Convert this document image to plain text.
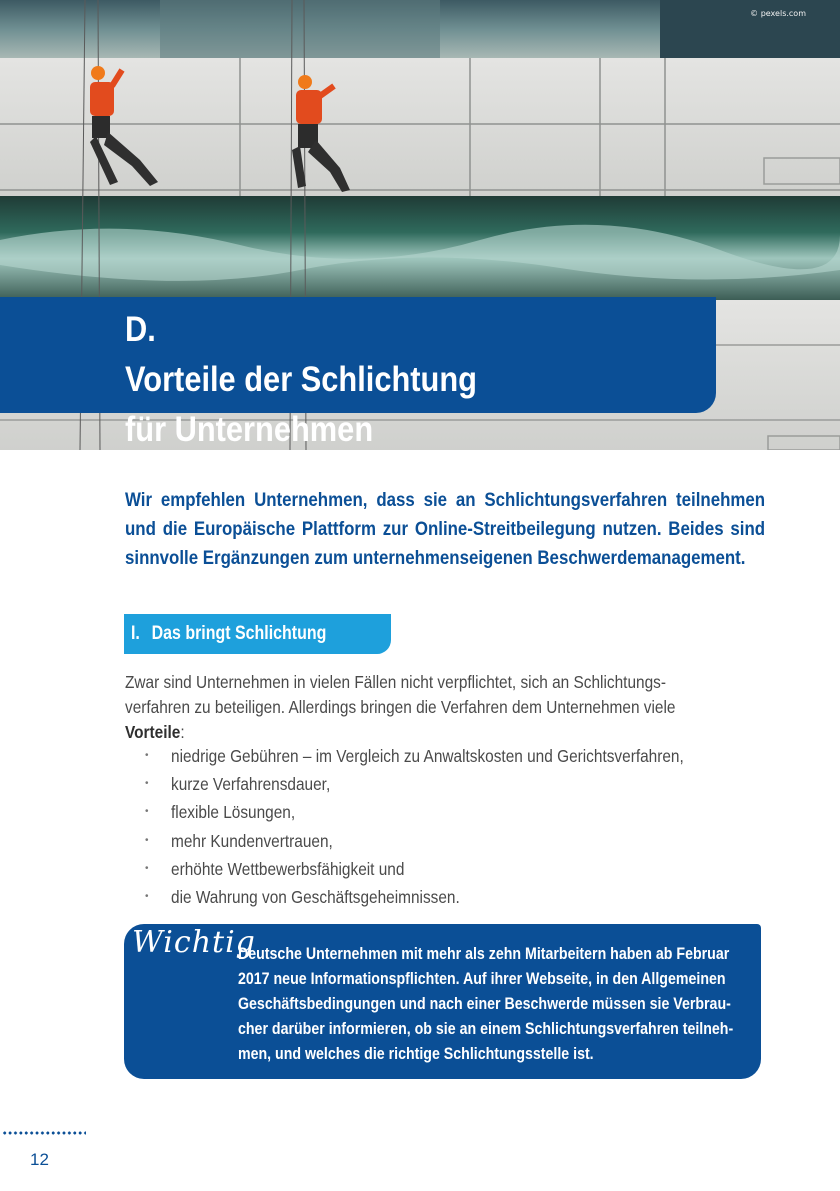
© pexels.com
D.
Vorteile der Schlichtung
für Unternehmen

Wir empfehlen Unternehmen, dass sie an Schlichtungsverfahren teilnehmen und die Europäische Plattform zur Online-Streitbeilegung nutzen. Beides sind sinnvolle Ergänzungen zum unternehmenseigenen Beschwerdemanagement.

I. Das bringt Schlichtung
Zwar sind Unternehmen in vielen Fällen nicht verpflichtet, sich an Schlichtungs-
verfahren zu beteiligen. Allerdings bringen die Verfahren dem Unternehmen viele
Vorteile:
• niedrige Gebühren – im Vergleich zu Anwaltskosten und Gerichtsverfahren,
• kurze Verfahrensdauer,
• flexible Lösungen,
• mehr Kundenvertrauen,
• erhöhte Wettbewerbsfähigkeit und
• die Wahrung von Geschäftsgeheimnissen.
Wichtig
Deutsche Unternehmen mit mehr als zehn Mitarbeitern haben ab Februar
2017 neue Informationspflichten. Auf ihrer Webseite, in den Allgemeinen
Geschäftsbedingungen und nach einer Beschwerde müssen sie Verbrau-
cher darüber informieren, ob sie an einem Schlichtungsverfahren teilneh-
men, und welches die richtige Schlichtungsstelle ist.
12
